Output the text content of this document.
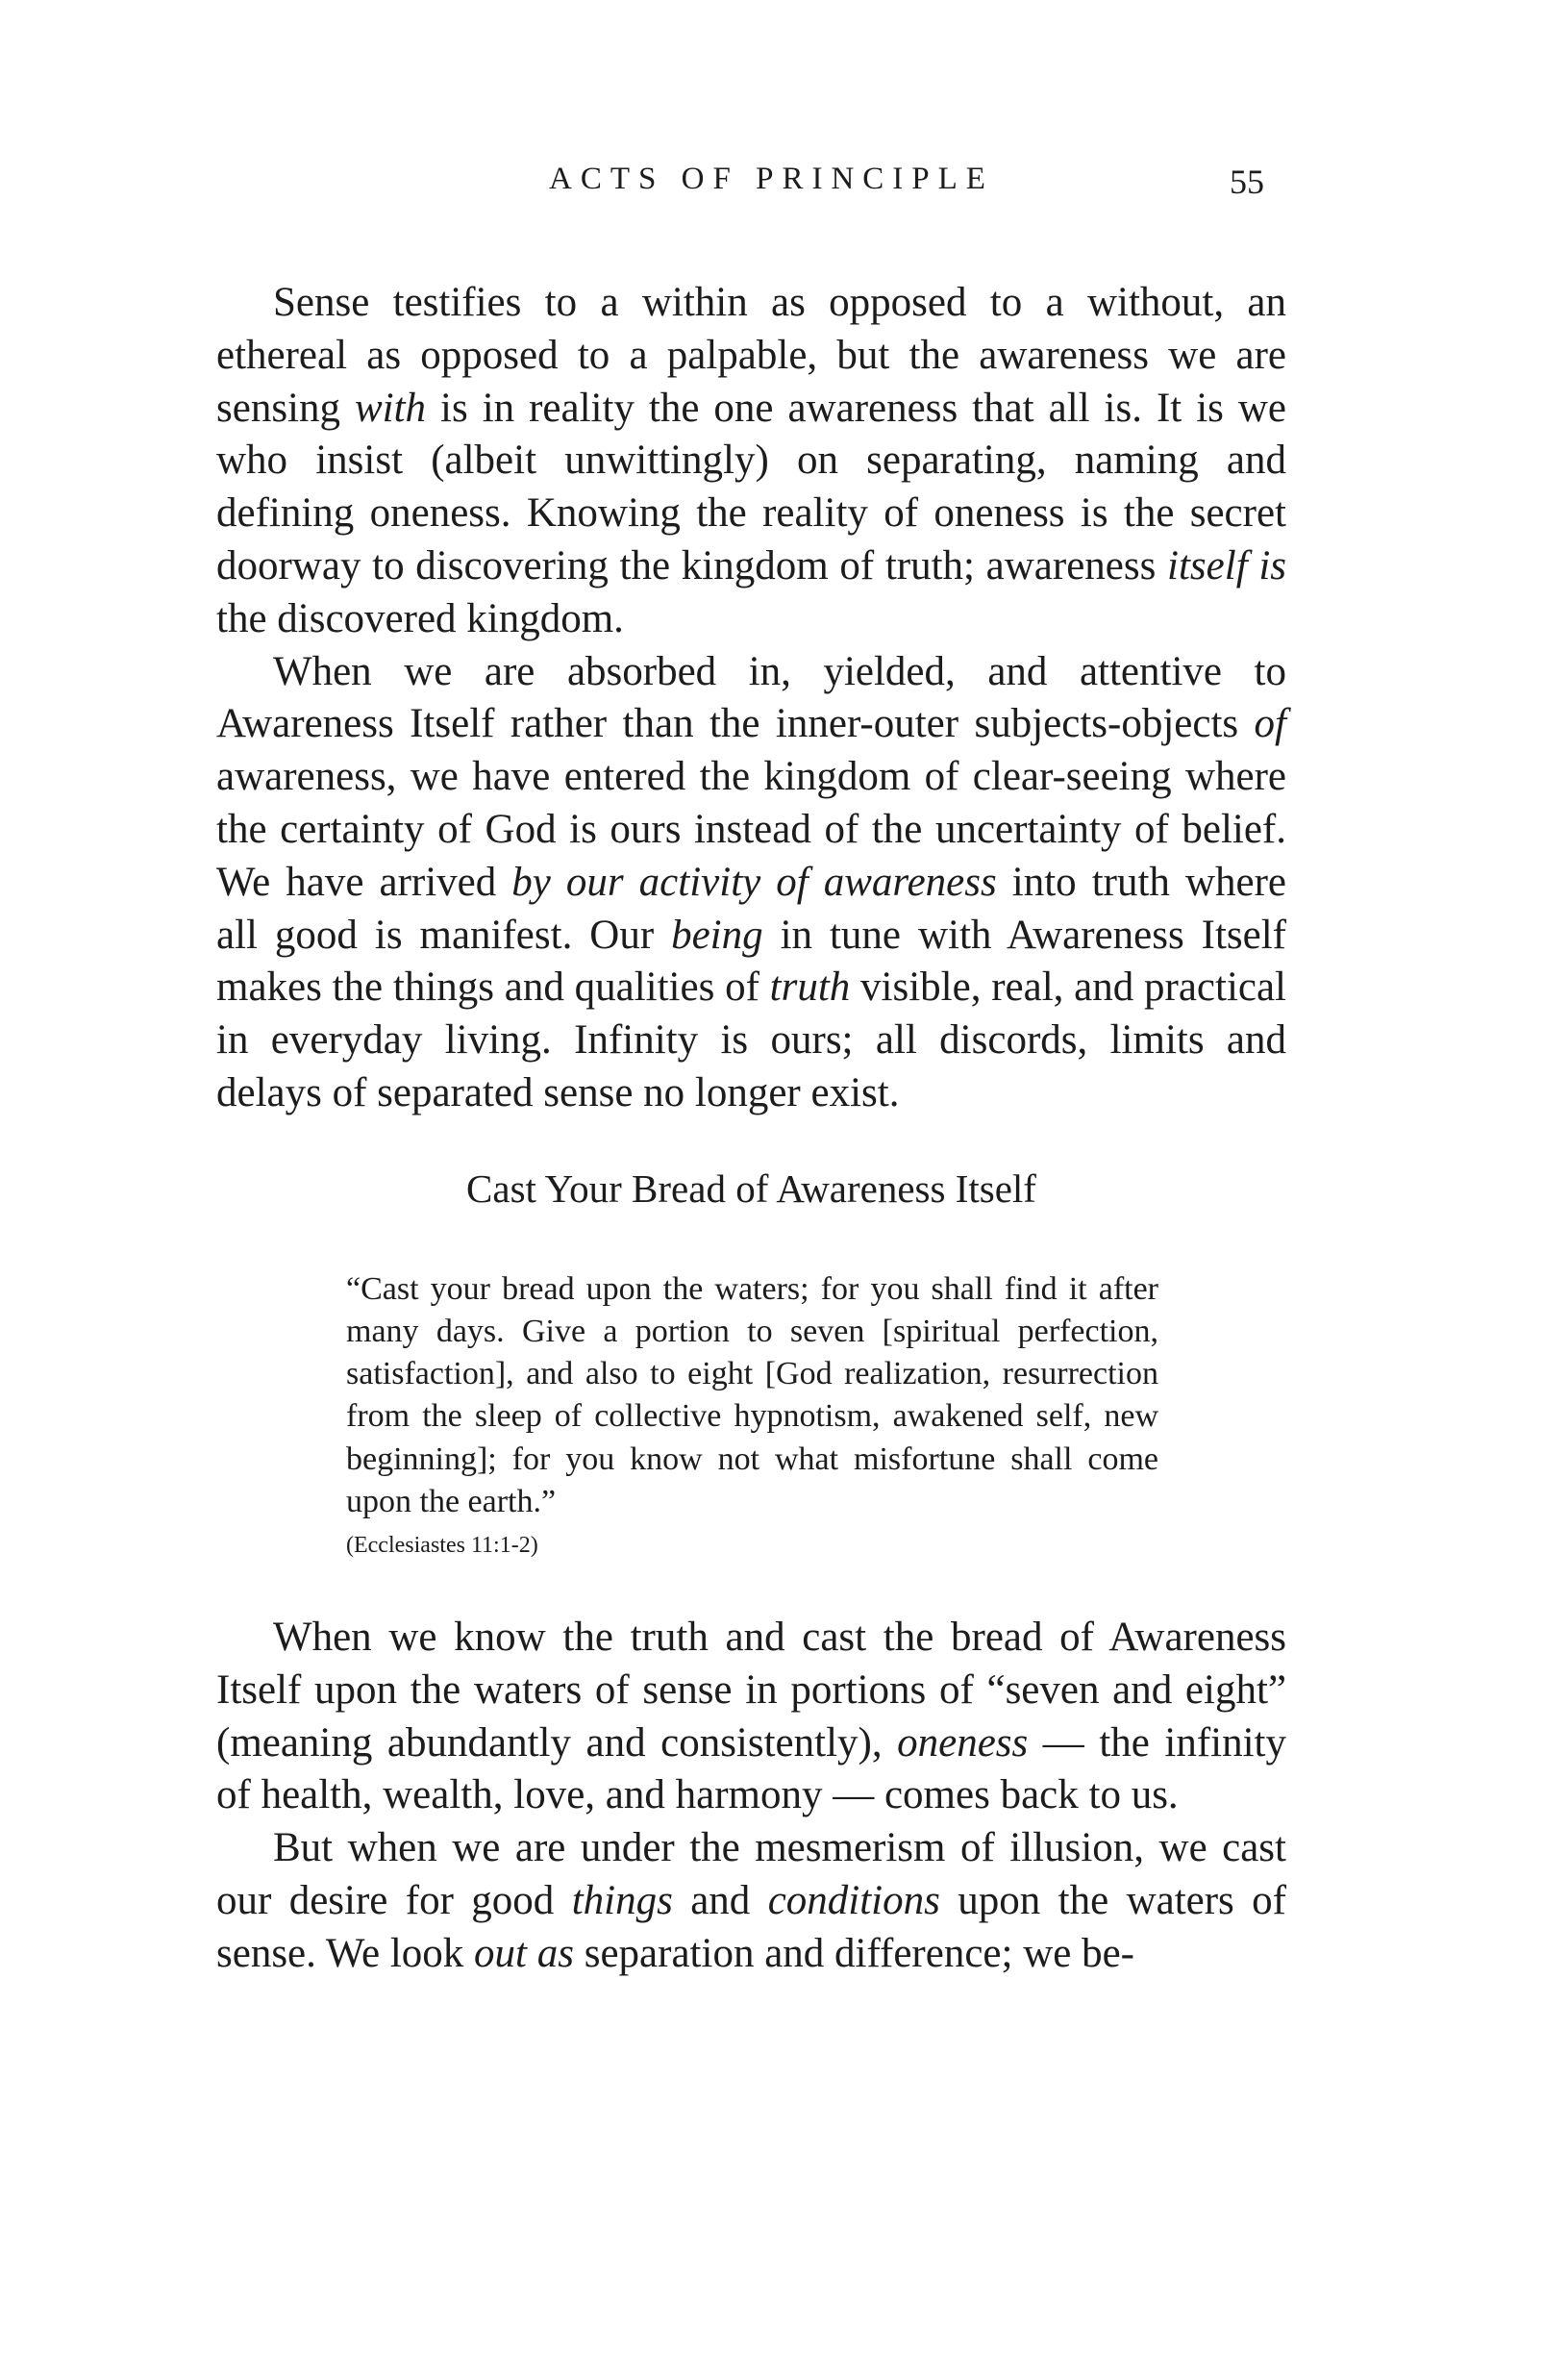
ACTS OF PRINCIPLE	55

Sense testifies to a within as opposed to a without, an ethereal as opposed to a palpable, but the awareness we are sensing with is in reality the one awareness that all is. It is we who insist (albeit unwittingly) on separating, naming and defining oneness. Knowing the reality of oneness is the secret doorway to discovering the kingdom of truth; awareness itself is the discovered kingdom.

When we are absorbed in, yielded, and attentive to Awareness Itself rather than the inner-outer subjects-objects of awareness, we have entered the kingdom of clear-seeing where the certainty of God is ours instead of the uncertainty of belief. We have arrived by our activity of awareness into truth where all good is manifest. Our being in tune with Awareness Itself makes the things and qualities of truth visible, real, and practical in everyday living. Infinity is ours; all discords, limits and delays of separated sense no longer exist.

Cast Your Bread of Awareness Itself

“Cast your bread upon the waters; for you shall find it after many days. Give a portion to seven [spiritual perfection, satisfaction], and also to eight [God realization, resurrection from the sleep of collective hypnotism, awakened self, new beginning]; for you know not what misfortune shall come upon the earth.”

(Ecclesiastes 11:1-2)

When we know the truth and cast the bread of Awareness Itself upon the waters of sense in portions of “seven and eight” (meaning abundantly and consistently), oneness — the infinity of health, wealth, love, and harmony — comes back to us.

But when we are under the mesmerism of illusion, we cast our desire for good things and conditions upon the waters of sense. We look out as separation and difference; we be-
